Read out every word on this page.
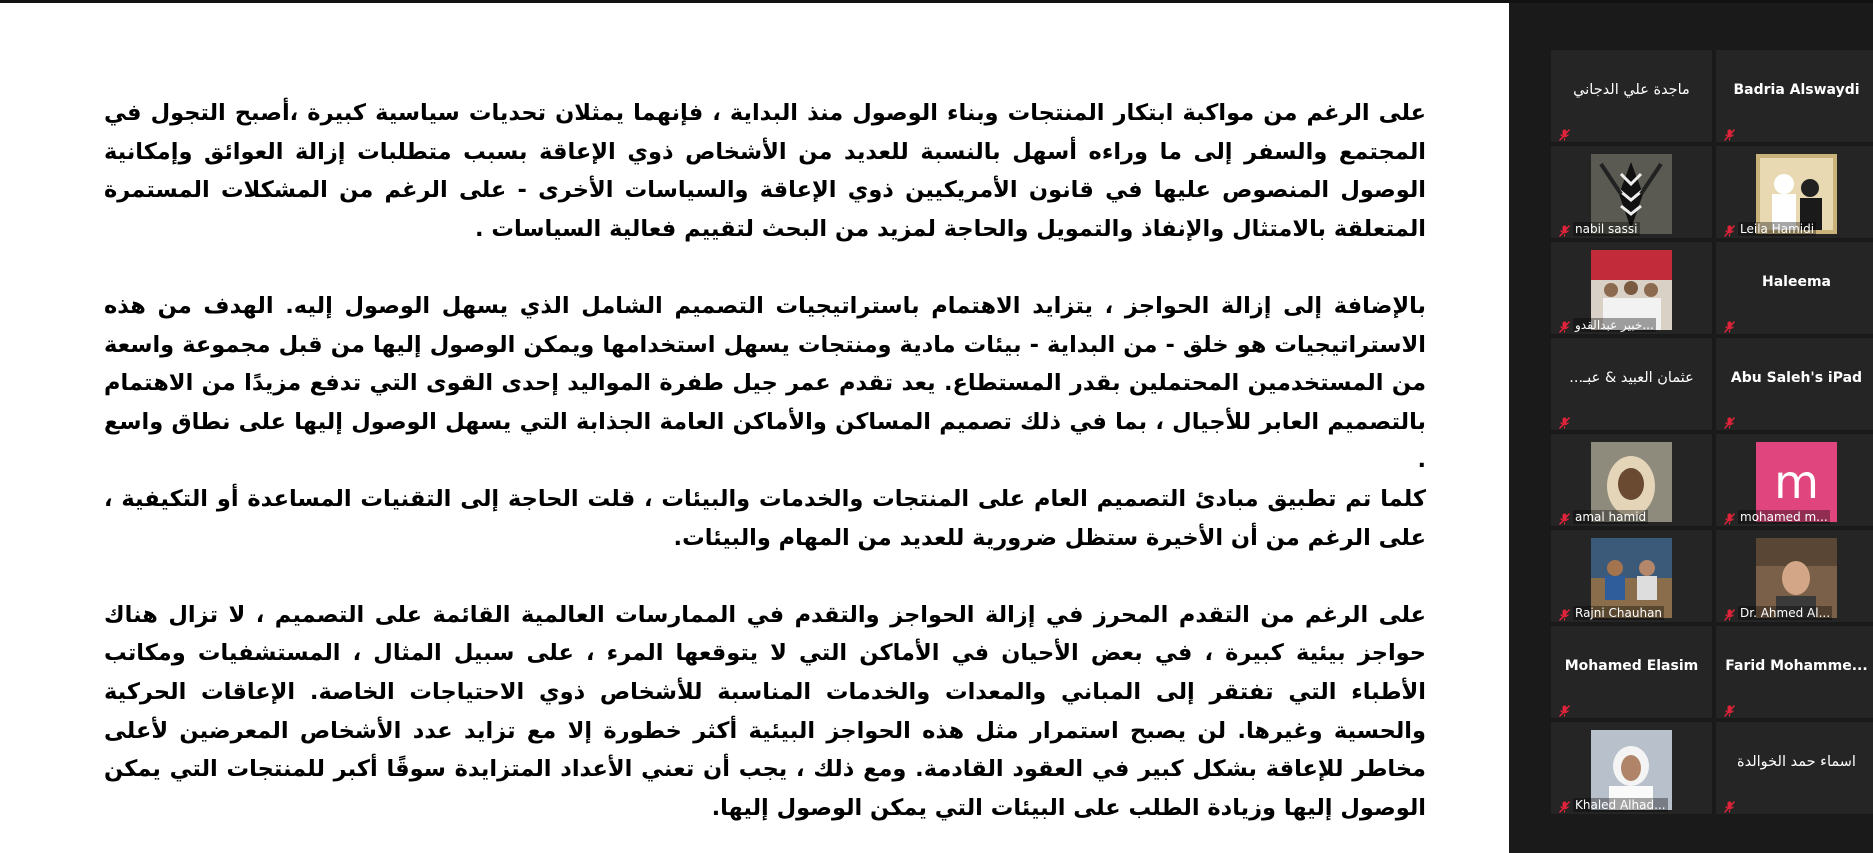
على الرغم من مواكبة ابتكار المنتجات وبناء الوصول منذ البداية ، فإنهما يمثلان تحديات سياسية كبيرة ،أصبح التجول في المجتمع والسفر إلى ما وراءه أسهل بالنسبة للعديد من الأشخاص ذوي الإعاقة بسبب متطلبات إزالة العوائق وإمكانية الوصول المنصوص عليها في قانون الأمريكيين ذوي الإعاقة والسياسات الأخرى - على الرغم من المشكلات المستمرة المتعلقة بالامتثال والإنفاذ والتمويل والحاجة لمزيد من البحث لتقييم فعالية السياسات .

بالإضافة إلى إزالة الحواجز ، يتزايد الاهتمام باستراتيجيات التصميم الشامل الذي يسهل الوصول إليه. الهدف من هذه الاستراتيجيات هو خلق - من البداية - بيئات مادية ومنتجات يسهل استخدامها ويمكن الوصول إليها من قبل مجموعة واسعة من المستخدمين المحتملين بقدر المستطاع. يعد تقدم عمر جيل طفرة المواليد إحدى القوى التي تدفع مزيدًا من الاهتمام بالتصميم العابر للأجيال ، بما في ذلك تصميم المساكن والأماكن العامة الجذابة التي يسهل الوصول إليها على نطاق واسع .

كلما تم تطبيق مبادئ التصميم العام على المنتجات والخدمات والبيئات ، قلت الحاجة إلى التقنيات المساعدة أو التكيفية ، على الرغم من أن الأخيرة ستظل ضرورية للعديد من المهام والبيئات.

على الرغم من التقدم المحرز في إزالة الحواجز والتقدم في الممارسات العالمية القائمة على التصميم ، لا تزال هناك حواجز بيئية كبيرة ، في بعض الأحيان في الأماكن التي لا يتوقعها المرء ، على سبيل المثال ، المستشفيات ومكاتب الأطباء التي تفتقر إلى المباني والمعدات والخدمات المناسبة للأشخاص ذوي الاحتياجات الخاصة. الإعاقات الحركية والحسية وغيرها. لن يصبح استمرار مثل هذه الحواجز البيئية أكثر خطورة إلا مع تزايد عدد الأشخاص المعرضين لأعلى مخاطر للإعاقة بشكل كبير في العقود القادمة. ومع ذلك ، يجب أن تعني الأعداد المتزايدة سوقًا أكبر للمنتجات التي يمكن الوصول إليها وزيادة الطلب على البيئات التي يمكن الوصول إليها.

ماجدة علي الدجاني	Badria Alswaydi
nabil sassi	Leila Hamidi
خبير عبدالقدو...
Haleema
عثمان العبيد & عبـ...	Abu Saleh's iPad
amal hamid
m
mohamed m...
Rajni Chauhan	Dr. Ahmed Al...
Mohamed Elasim	Farid Mohamme...
Khaled Alhad...
اسماء حمد الخوالدة
